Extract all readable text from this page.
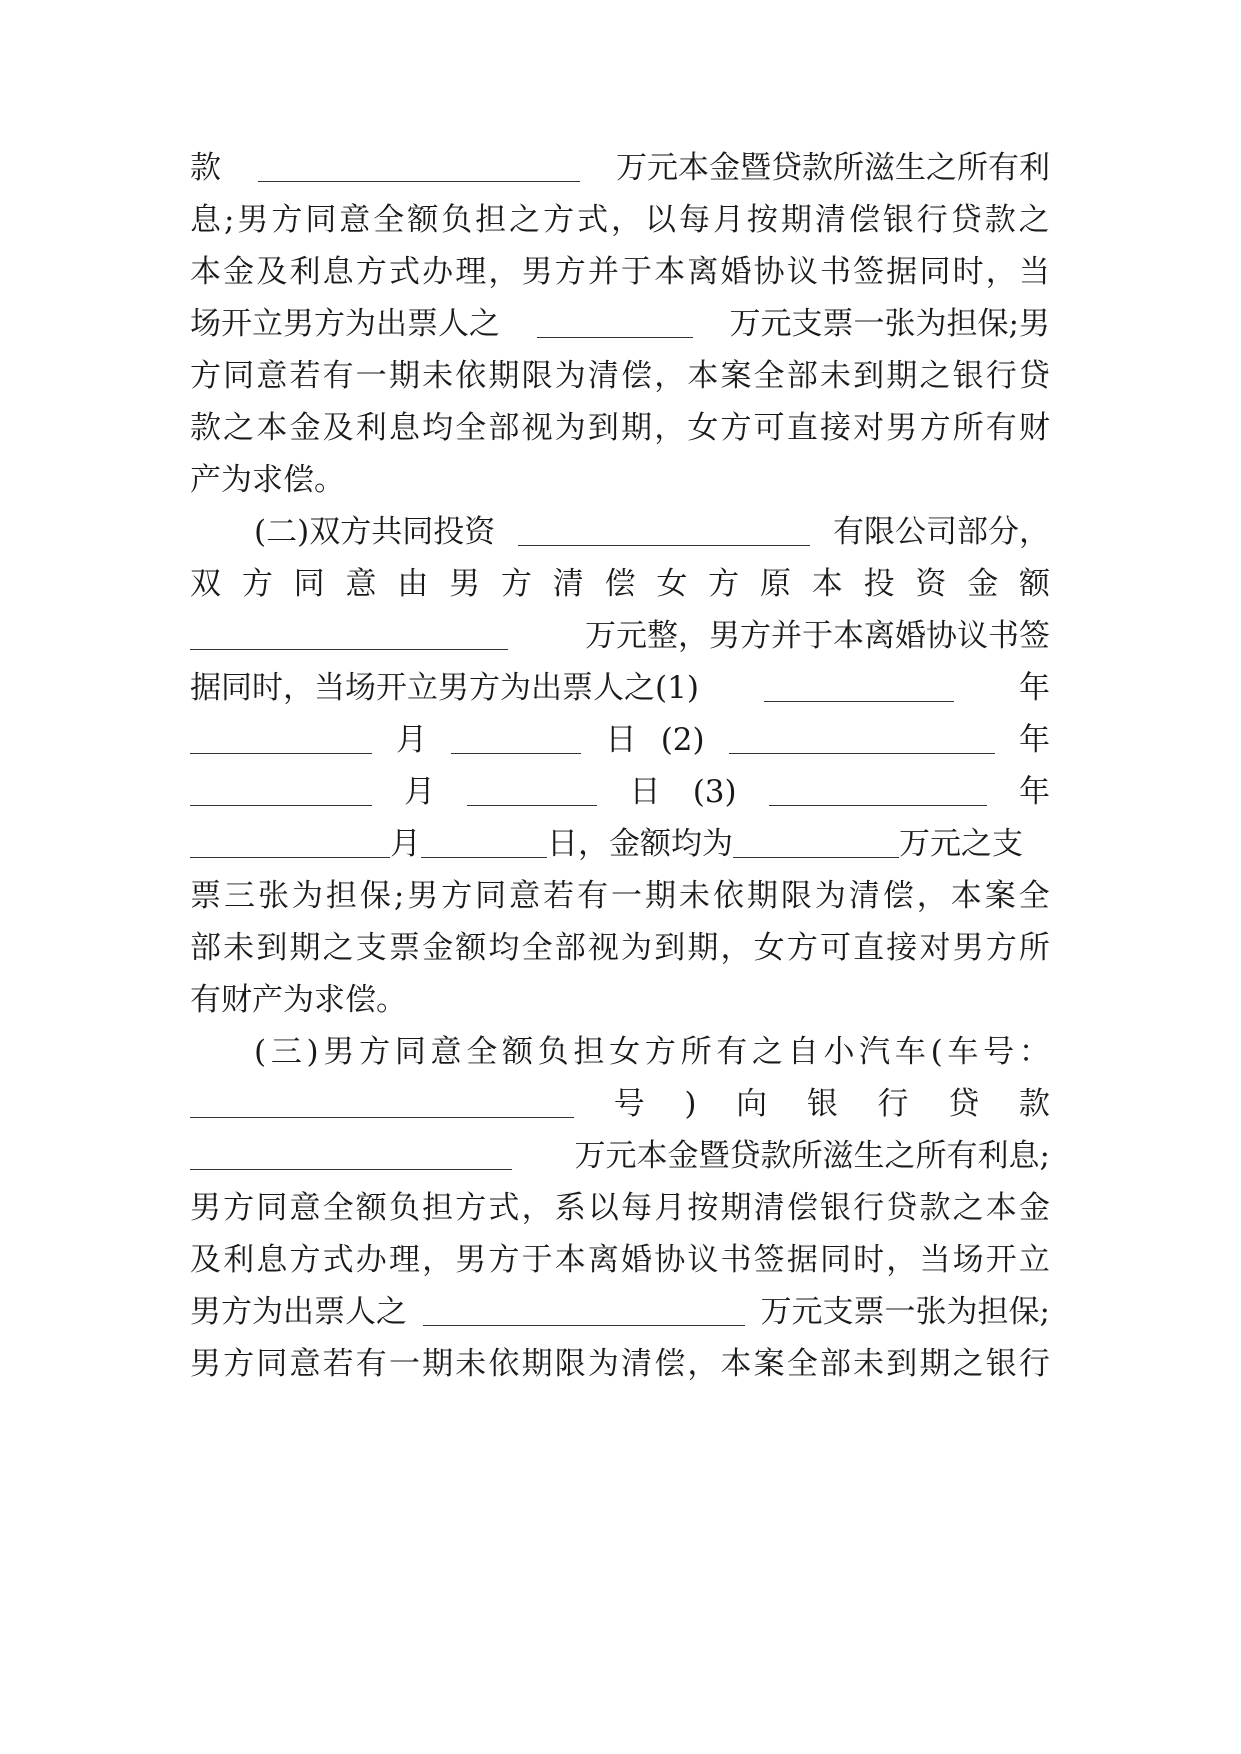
款	万元本金暨贷款所滋生之所有利
息 ; 男 方 同 意 全 额 负 担 之 方 式 ， 以 每 月 按 期 清 偿 银 行 贷 款 之
本 金 及 利 息 方 式 办 理 ， 男 方 并 于 本 离 婚 协 议 书 签 据 同 时 ， 当
场开立男方为出票人之	万元支票一张为担保;男
方 同 意 若 有 一 期 未 依 期 限 为 清 偿 ， 本 案 全 部 未 到 期 之 银 行 贷
款 之 本 金 及 利 息 均 全 部 视 为 到 期 ， 女 方 可 直 接 对 男 方 所 有 财
产为求偿。
(二)双方共同投资	有限公司部分，
双 方 同 意 由 男 方 清 偿 女 方 原 本 投 资 金 额
万元整，男方并于本离婚协议书签
据同时，当场开立男方为出票人之(1)	年
月	日 (2)	年
月	日 (3)	年
月	日，金额均为	万元之支
票 三 张 为 担 保 ; 男 方 同 意 若 有 一 期 未 依 期 限 为 清 偿 ， 本 案 全
部 未 到 期 之 支 票 金 额 均 全 部 视 为 到 期 ， 女 方 可 直 接 对 男 方 所
有财产为求偿。
( 三 ) 男 方 同 意 全 额 负 担 女 方 所 有 之 自 小 汽 车 ( 车 号 ：
号 ) 向 银 行 贷 款
万元本金暨贷款所滋生之所有利息;
男 方 同 意 全 额 负 担 方 式 ， 系 以 每 月 按 期 清 偿 银 行 贷 款 之 本 金
及 利 息 方 式 办 理 ， 男 方 于 本 离 婚 协 议 书 签 据 同 时 ， 当 场 开 立
男方为出票人之	万元支票一张为担保;
男 方 同 意 若 有 一 期 未 依 期 限 为 清 偿 ， 本 案 全 部 未 到 期 之 银 行
